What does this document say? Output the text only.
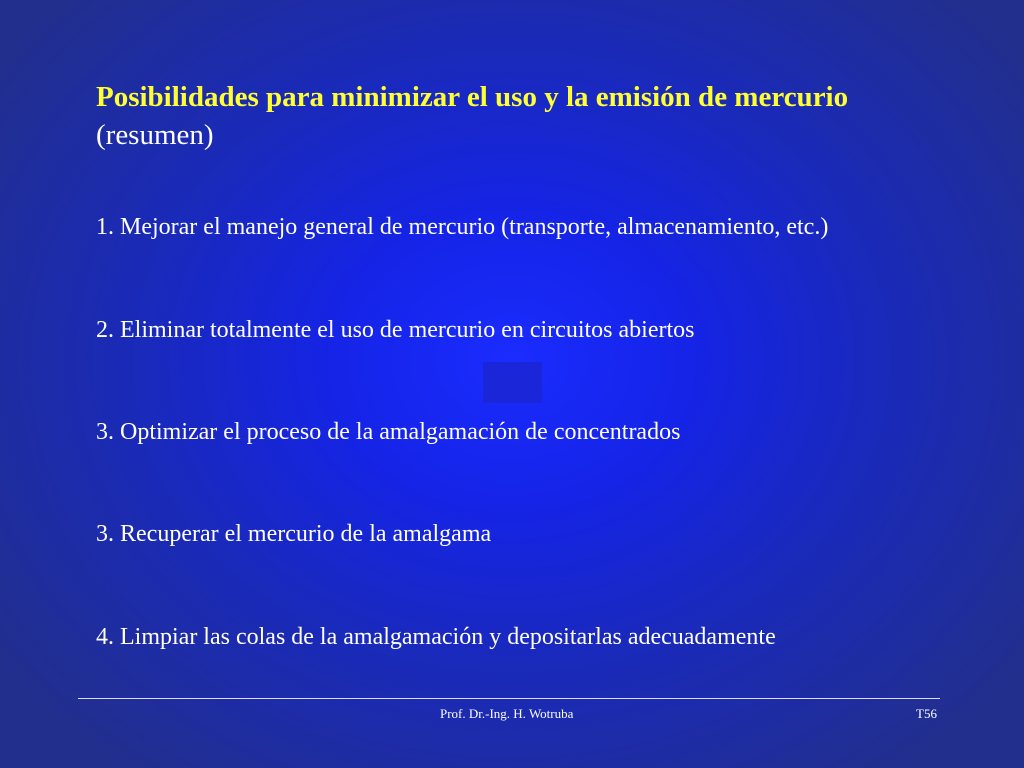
Posibilidades para minimizar el uso y la emisión de mercurio
(resumen)
1. Mejorar el manejo general de mercurio (transporte, almacenamiento, etc.)
2. Eliminar totalmente el uso de mercurio en circuitos abiertos
3. Optimizar el proceso de la amalgamación de concentrados
3. Recuperar el mercurio de la amalgama
4. Limpiar las colas de la amalgamación y depositarlas adecuadamente
Prof. Dr.-Ing. H. Wotruba	T56
